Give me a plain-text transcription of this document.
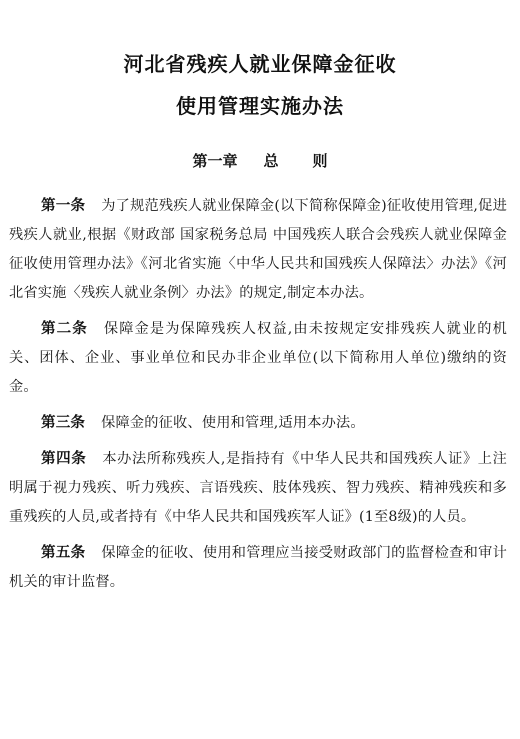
河北省残疾人就业保障金征收
使用管理实施办法
第一章 总 则

第一条 为了规范残疾人就业保障金(以下简称保障金)征收使用管理,促进残疾人就业,根据《财政部 国家税务总局 中国残疾人联合会残疾人就业保障金征收使用管理办法》《河北省实施〈中华人民共和国残疾人保障法〉办法》《河北省实施〈残疾人就业条例〉办法》的规定,制定本办法。

第二条 保障金是为保障残疾人权益,由未按规定安排残疾人就业的机关、团体、企业、事业单位和民办非企业单位(以下简称用人单位)缴纳的资金。

第三条 保障金的征收、使用和管理,适用本办法。

第四条 本办法所称残疾人,是指持有《中华人民共和国残疾人证》上注明属于视力残疾、听力残疾、言语残疾、肢体残疾、智力残疾、精神残疾和多重残疾的人员,或者持有《中华人民共和国残疾军人证》(1至8级)的人员。

第五条 保障金的征收、使用和管理应当接受财政部门的监督检查和审计机关的审计监督。
